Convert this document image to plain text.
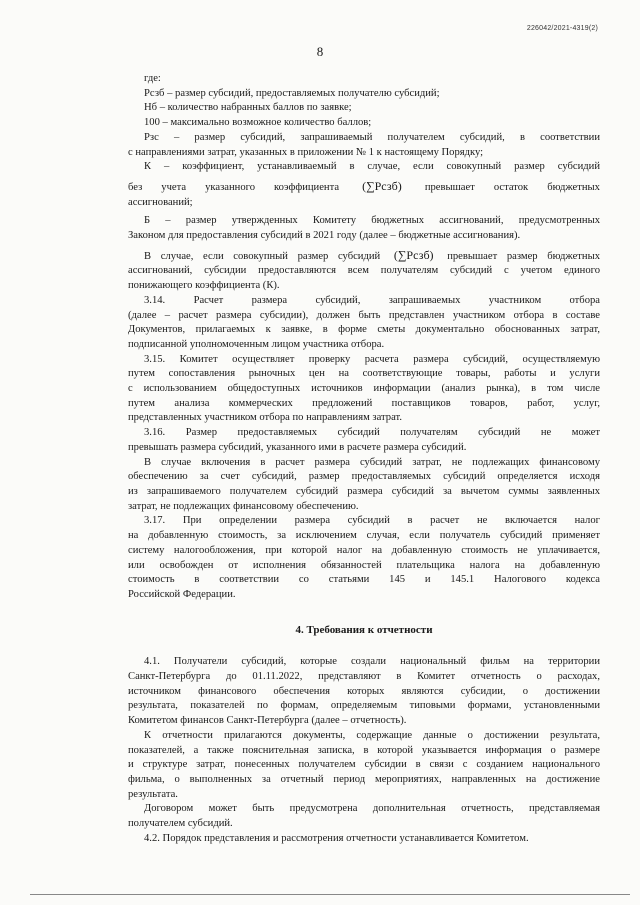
226042/2021-4319(2)
8

где:

Рсзб – размер субсидий, предоставляемых получателю субсидий;

Нб – количество набранных баллов по заявке;

100 – максимально возможное количество баллов;

Рзс – размер субсидий, запрашиваемый получателем субсидий, в соответствии

с направлениями затрат, указанных в приложении № 1 к настоящему Порядку;

К – коэффициент, устанавливаемый в случае, если совокупный размер субсидий

без учета указанного коэффициента (∑Рсзб) превышает остаток бюджетных

ассигнований;

Б – размер утвержденных Комитету бюджетных ассигнований, предусмотренных

Законом для предоставления субсидий в 2021 году (далее – бюджетные ассигнования).

В случае, если совокупный размер субсидий (∑Рсзб) превышает размер бюджетных

ассигнований, субсидии предоставляются всем получателям субсидий с учетом единого

понижающего коэффициента (К).

3.14. Расчет размера субсидий, запрашиваемых участником отбора

(далее – расчет размера субсидии), должен быть представлен участником отбора в составе

Документов, прилагаемых к заявке, в форме сметы документально обоснованных затрат,

подписанной уполномоченным лицом участника отбора.

3.15. Комитет осуществляет проверку расчета размера субсидий, осуществляемую

путем сопоставления рыночных цен на соответствующие товары, работы и услуги

с использованием общедоступных источников информации (анализ рынка), в том числе

путем анализа коммерческих предложений поставщиков товаров, работ, услуг,

представленных участником отбора по направлениям затрат.

3.16. Размер предоставляемых субсидий получателям субсидий не может

превышать размера субсидий, указанного ими в расчете размера субсидий.

В случае включения в расчет размера субсидий затрат, не подлежащих финансовому

обеспечению за счет субсидий, размер предоставляемых субсидий определяется исходя

из запрашиваемого получателем субсидий размера субсидий за вычетом суммы заявленных

затрат, не подлежащих финансовому обеспечению.

3.17. При определении размера субсидий в расчет не включается налог

на добавленную стоимость, за исключением случая, если получатель субсидий применяет

систему налогообложения, при которой налог на добавленную стоимость не уплачивается,

или освобожден от исполнения обязанностей плательщика налога на добавленную

стоимость в соответствии со статьями 145 и 145.1 Налогового кодекса

Российской Федерации.

4. Требования к отчетности

4.1. Получатели субсидий, которые создали национальный фильм на территории

Санкт-Петербурга до 01.11.2022, представляют в Комитет отчетность о расходах,

источником финансового обеспечения которых являются субсидии, о достижении

результата, показателей по формам, определяемым типовыми формами, установленными

Комитетом финансов Санкт-Петербурга (далее – отчетность).

К отчетности прилагаются документы, содержащие данные о достижении результата,

показателей, а также пояснительная записка, в которой указывается информация о размере

и структуре затрат, понесенных получателем субсидии в связи с созданием национального

фильма, о выполненных за отчетный период мероприятиях, направленных на достижение

результата.

Договором может быть предусмотрена дополнительная отчетность, представляемая

получателем субсидий.

4.2. Порядок представления и рассмотрения отчетности устанавливается Комитетом.
